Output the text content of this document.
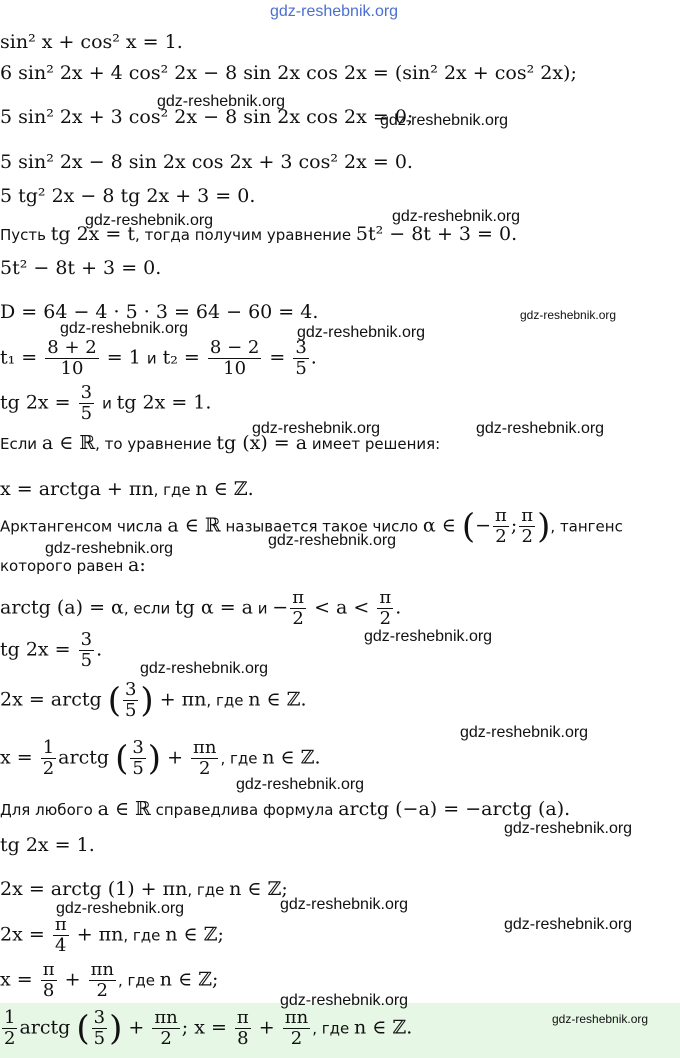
gdz-reshebnik.org
gdz-reshebnik.org
gdz-reshebnik.org
gdz-reshebnik.org	gdz-reshebnik.org
gdz-reshebnik.org
gdz-reshebnik.org	gdz-reshebnik.org
gdz-reshebnik.org	gdz-reshebnik.org
gdz-reshebnik.org	gdz-reshebnik.org
gdz-reshebnik.org
gdz-reshebnik.org
gdz-reshebnik.org
gdz-reshebnik.org
gdz-reshebnik.org
gdz-reshebnik.org	gdz-reshebnik.org
gdz-reshebnik.org
gdz-reshebnik.org
gdz-reshebnik.org
sin² x + cos² x = 1.
6 sin² 2x + 4 cos² 2x − 8 sin 2x cos 2x = (sin² 2x + cos² 2x);
5 sin² 2x + 3 cos² 2x − 8 sin 2x cos 2x = 0;
5 sin² 2x − 8 sin 2x cos 2x + 3 cos² 2x = 0.
5 tg² 2x − 8 tg 2x + 3 = 0.
Пусть tg 2x = t, тогда получим уравнение 5t² − 8t + 3 = 0.
5t² − 8t + 3 = 0.
D = 64 − 4 · 5 · 3 = 64 − 60 = 4.
$t_1 = \frac{8 + 2}{10} = 1$ и $t_2 = \frac{8 - 2}{10} = \frac{3}{5}$ .
tg $2x = \frac{3}{5}$ и tg 2x = 1.
Если a ∈ ℝ, то уравнение tg (x) = a имеет решения:
x = arctga + πn, где n ∈ ℤ.
Арктангенсом числа a ∈ ℝ называется такое число α ∈ (− $\frac{\pi}{2}$ ; $\frac{\pi}{2}$ ), тангенс
которого равен a:
arctg (a) = α, если tg α = a $и - \frac{\pi}{2} < a < \frac{\pi}{2}$ .
tg $2x = \frac{3}{5}$ .
2x = arctg ( $\frac{3}{5}$ ) + πn, где n ∈ ℤ.
$x = \frac{1}{2}$ arctg ( $\frac{3}{5}$ ) + $\frac{\pi n}{2}$ , где n ∈ ℤ.
Для любого a ∈ ℝ справедлива формула arctg (−a) = −arctg (a).
tg 2x = 1.
2x = arctg (1) + πn, где n ∈ ℤ;
$2x = \frac{\pi}{4} + \pi n$, где n ∈ ℤ;
$x = \frac{\pi}{8} + \frac{\pi n}{2}$ , где n ∈ ℤ;
$\frac{1}{2}$ arctg ( $\frac{3}{5}$ ) + $\frac{\pi n}{2}$ ; $x = \frac{\pi}{8} + \frac{\pi n}{2}$ , где n ∈ ℤ.
